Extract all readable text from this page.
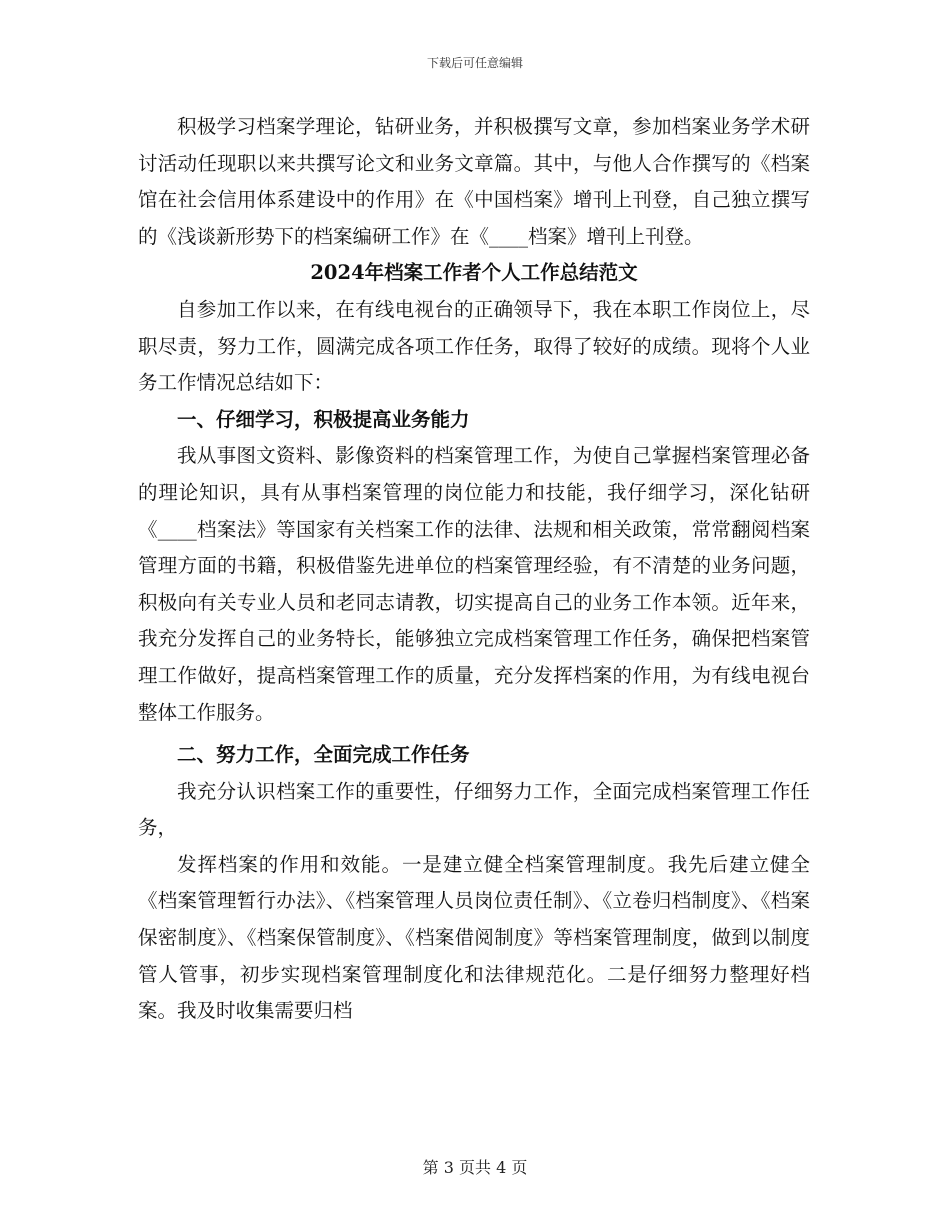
下载后可任意编辑

积极学习档案学理论，钻研业务，并积极撰写文章，参加档案业务学术研讨活动任现职以来共撰写论文和业务文章篇。其中，与他人合作撰写的《档案馆在社会信用体系建设中的作用》在《中国档案》增刊上刊登，自己独立撰写的《浅谈新形势下的档案编研工作》在《____档案》增刊上刊登。

2024年档案工作者个人工作总结范文

自参加工作以来，在有线电视台的正确领导下，我在本职工作岗位上，尽职尽责，努力工作，圆满完成各项工作任务，取得了较好的成绩。现将个人业务工作情况总结如下：

一、仔细学习，积极提高业务能力

我从事图文资料、影像资料的档案管理工作，为使自己掌握档案管理必备的理论知识，具有从事档案管理的岗位能力和技能，我仔细学习，深化钻研《____档案法》等国家有关档案工作的法律、法规和相关政策，常常翻阅档案管理方面的书籍，积极借鉴先进单位的档案管理经验，有不清楚的业务问题，积极向有关专业人员和老同志请教，切实提高自己的业务工作本领。近年来，我充分发挥自己的业务特长，能够独立完成档案管理工作任务，确保把档案管理工作做好，提高档案管理工作的质量，充分发挥档案的作用，为有线电视台整体工作服务。

二、努力工作，全面完成工作任务

我充分认识档案工作的重要性，仔细努力工作，全面完成档案管理工作任务，

发挥档案的作用和效能。一是建立健全档案管理制度。我先后建立健全《档案管理暂行办法》、《档案管理人员岗位责任制》、《立卷归档制度》、《档案保密制度》、《档案保管制度》、《档案借阅制度》等档案管理制度，做到以制度管人管事，初步实现档案管理制度化和法律规范化。二是仔细努力整理好档案。我及时收集需要归档

第 3 页共 4 页
